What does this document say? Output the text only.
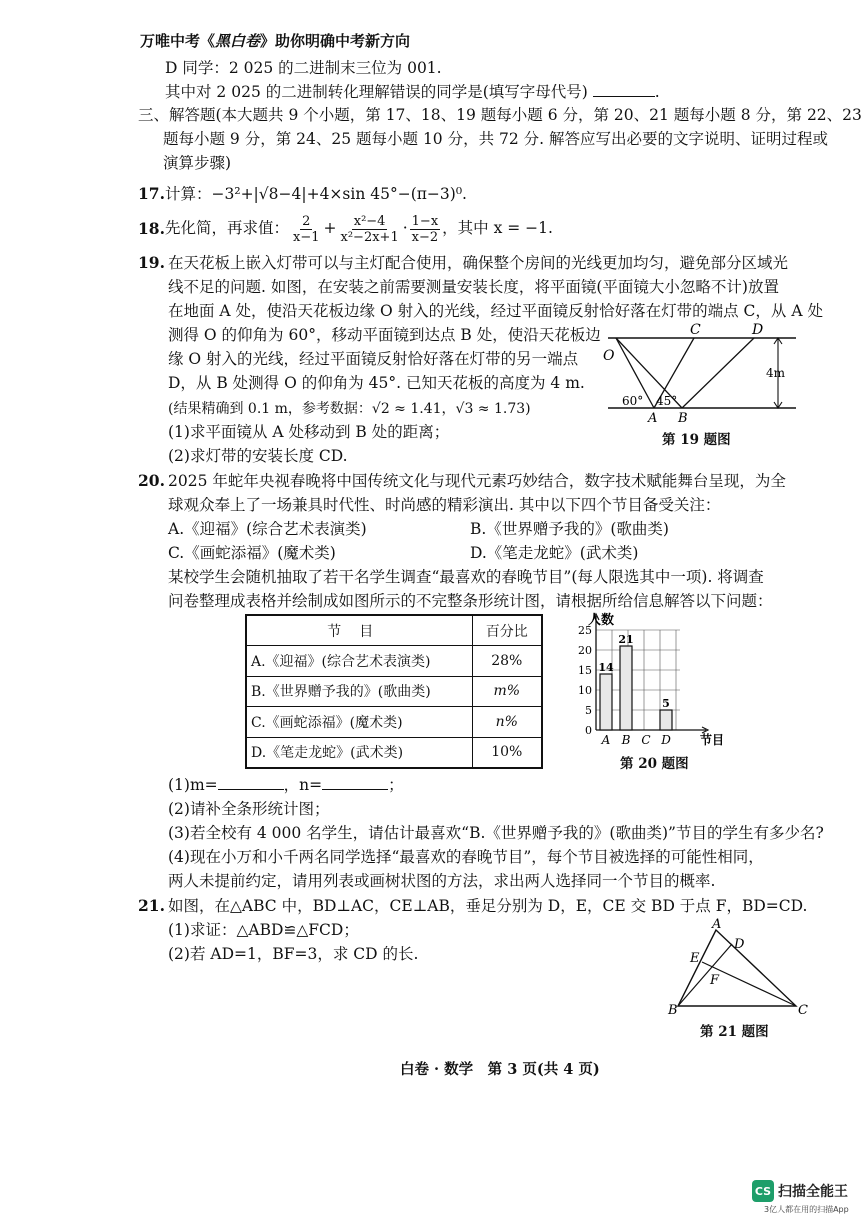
万唯中考《黑白卷》助你明确中考新方向
D 同学：2 025 的二进制末三位为 001.
其中对 2 025 的二进制转化理解错误的同学是(填写字母代号)	.
三、解答题(本大题共 9 个小题，第 17、18、19 题每小题 6 分，第 20、21 题每小题 8 分，第 22、23
题每小题 9 分，第 24、25 题每小题 10 分，共 72 分. 解答应写出必要的文字说明、证明过程或
演算步骤)
17. 计算：−3²+|√8−4|+4×sin 45°−(π−3)⁰.
18. 先化简，再求值： $\frac{2}{x-1} + \frac{\text{x²−4}}{\text{x²−2x+1}} \cdot \frac{1-x}{x-2}$ ，其中 x = −1.
19. 在天花板上嵌入灯带可以与主灯配合使用，确保整个房间的光线更加均匀，避免部分区域光
线不足的问题. 如图，在安装之前需要测量安装长度，将平面镜(平面镜大小忽略不计)放置
在地面 A 处，使沿天花板边缘 O 射入的光线，经过平面镜反射恰好落在灯带的端点 C，从 A 处
测得 O 的仰角为 60°，移动平面镜到达点 B 处，使沿天花板边
缘 O 射入的光线，经过平面镜反射恰好落在灯带的另一端点
D，从 B 处测得 O 的仰角为 45°. 已知天花板的高度为 4 m.
(结果精确到 0.1 m，参考数据：√2 ≈ 1.41，√3 ≈ 1.73)
(1)求平面镜从 A 处移动到 B 处的距离；
(2)求灯带的安装长度 CD.
O
C	D
A B
60° 45°
4m
第 19 题图
20. 2025 年蛇年央视春晚将中国传统文化与现代元素巧妙结合，数字技术赋能舞台呈现，为全
球观众奉上了一场兼具时代性、时尚感的精彩演出. 其中以下四个节目备受关注：
A.《迎福》(综合艺术表演类)	B.《世界赠予我的》(歌曲类)
C.《画蛇添福》(魔术类)	D.《笔走龙蛇》(武术类)
某校学生会随机抽取了若干名学生调查“最喜欢的春晚节目”(每人限选其中一项). 将调查
问卷整理成表格并绘制成如图所示的不完整条形统计图，请根据所给信息解答以下问题：
节目	百分比
A.《迎福》(综合艺术表演类)	28%
B.《世界赠予我的》(歌曲类)	m%
C.《画蛇添福》(魔术类)	n%
D.《笔走龙蛇》(武术类)	10%
0
5
10
15
20
25
人数
节目
14
A
21
B C
5
D
第 20 题图
(1)m=	，n=	；
(2)请补全条形统计图；
(3)若全校有 4 000 名学生，请估计最喜欢“B.《世界赠予我的》(歌曲类)”节目的学生有多少名?
(4)现在小万和小千两名同学选择“最喜欢的春晚节目”，每个节目被选择的可能性相同，
两人未提前约定，请用列表或画树状图的方法，求出两人选择同一个节目的概率.
21. 如图，在△ABC 中，BD⊥AC，CE⊥AB，垂足分别为 D，E，CE 交 BD 于点 F，BD=CD.
(1)求证：△ABD≌△FCD；
(2)若 AD=1，BF=3，求 CD 的长.
A
B	C
D
E
F
第 21 题图
白卷 · 数学　第 3 页(共 4 页)
CS 扫描全能王
3亿人都在用的扫描App
